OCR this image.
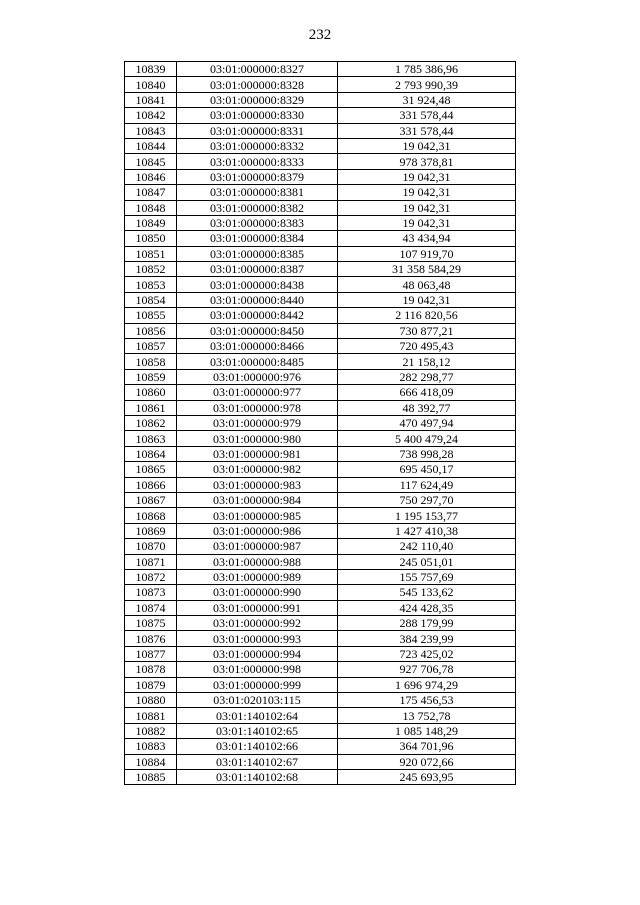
232
10839	03:01:000000:8327	1 785 386,96
10840	03:01:000000:8328	2 793 990,39
10841	03:01:000000:8329	31 924,48
10842	03:01:000000:8330	331 578,44
10843	03:01:000000:8331	331 578,44
10844	03:01:000000:8332	19 042,31
10845	03:01:000000:8333	978 378,81
10846	03:01:000000:8379	19 042,31
10847	03:01:000000:8381	19 042,31
10848	03:01:000000:8382	19 042,31
10849	03:01:000000:8383	19 042,31
10850	03:01:000000:8384	43 434,94
10851	03:01:000000:8385	107 919,70
10852	03:01:000000:8387	31 358 584,29
10853	03:01:000000:8438	48 063,48
10854	03:01:000000:8440	19 042,31
10855	03:01:000000:8442	2 116 820,56
10856	03:01:000000:8450	730 877,21
10857	03:01:000000:8466	720 495,43
10858	03:01:000000:8485	21 158,12
10859	03:01:000000:976	282 298,77
10860	03:01:000000:977	666 418,09
10861	03:01:000000:978	48 392,77
10862	03:01:000000:979	470 497,94
10863	03:01:000000:980	5 400 479,24
10864	03:01:000000:981	738 998,28
10865	03:01:000000:982	695 450,17
10866	03:01:000000:983	117 624,49
10867	03:01:000000:984	750 297,70
10868	03:01:000000:985	1 195 153,77
10869	03:01:000000:986	1 427 410,38
10870	03:01:000000:987	242 110,40
10871	03:01:000000:988	245 051,01
10872	03:01:000000:989	155 757,69
10873	03:01:000000:990	545 133,62
10874	03:01:000000:991	424 428,35
10875	03:01:000000:992	288 179,99
10876	03:01:000000:993	384 239,99
10877	03:01:000000:994	723 425,02
10878	03:01:000000:998	927 706,78
10879	03:01:000000:999	1 696 974,29
10880	03:01:020103:115	175 456,53
10881	03:01:140102:64	13 752,78
10882	03:01:140102:65	1 085 148,29
10883	03:01:140102:66	364 701,96
10884	03:01:140102:67	920 072,66
10885	03:01:140102:68	245 693,95
